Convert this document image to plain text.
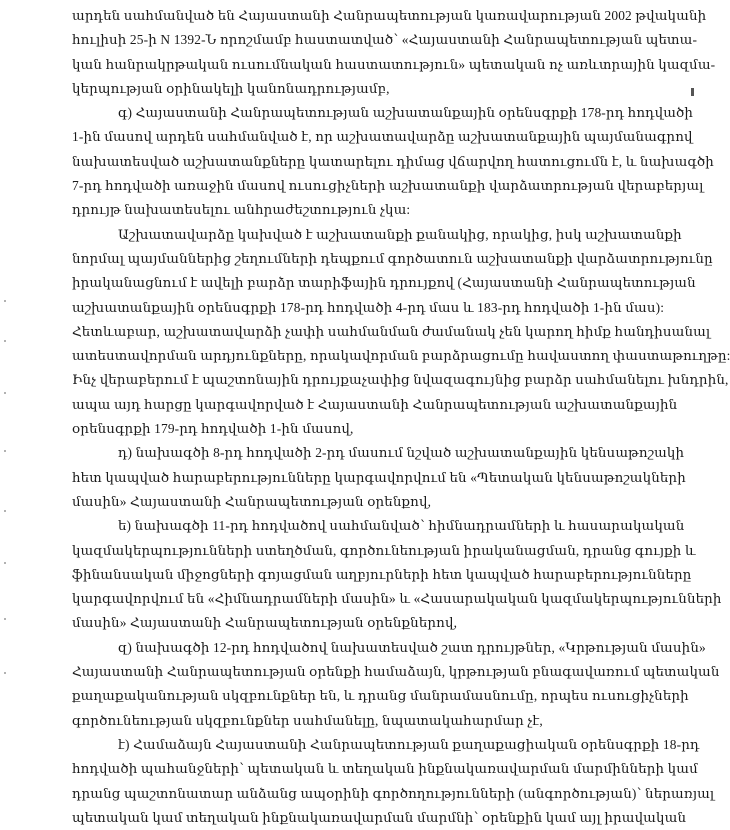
արդեն սահմանված են Հայաստանի Հանրապետության կառավարության 2002 թվականի
հուլիսի 25-ի N 1392-Ն որոշմամբ հաստատված՝ «Հայաստանի Հանրապետության պետա-
կան հանրակրթական ուսումնական հաստատություն» պետական ոչ առևտրային կազմա-
կերպության օրինակելի կանոնադրությամբ,
գ) Հայաստանի Հանրապետության աշխատանքային օրենսգրքի 178-րդ հոդվածի
1-ին մասով արդեն սահմանված է, որ աշխատավարձը աշխատանքային պայմանագրով
նախատեսված աշխատանքները կատարելու դիմաց վճարվող հատուցումն է, և նախագծի
7-րդ հոդվածի առաջին մասով ուսուցիչների աշխատանքի վարձատրության վերաբերյալ
դրույթ նախատեսելու անհրաժեշտություն չկա:
Աշխատավարձը կախված է աշխատանքի քանակից, որակից, իսկ աշխատանքի
նորմալ պայմաններից շեղումների դեպքում գործատուն աշխատանքի վարձատրությունը
իրականացնում է ավելի բարձր տարիֆային դրույքով (Հայաստանի Հանրապետության
աշխատանքային օրենսգրքի 178-րդ հոդվածի 4-րդ մաս և 183-րդ հոդվածի 1-ին մաս):
Հետևաբար, աշխատավարձի չափի սահմանման ժամանակ չեն կարող հիմք հանդիսանալ
ատեստավորման արդյունքները, որակավորման բարձրացումը հավաստող փաստաթուղթը:
Ինչ վերաբերում է պաշտոնային դրույքաչափից նվազագույնից բարձր սահմանելու խնդրին,
ապա այդ հարցը կարգավորված է Հայաստանի Հանրապետության աշխատանքային
օրենսգրքի 179-րդ հոդվածի 1-ին մասով,
դ) նախագծի 8-րդ հոդվածի 2-րդ մասում նշված աշխատանքային կենսաթոշակի
հետ կապված հարաբերությունները կարգավորվում են «Պետական կենսաթոշակների
մասին» Հայաստանի Հանրապետության օրենքով,
ե) նախագծի 11-րդ հոդվածով սահմանված՝ հիմնադրամների և հասարակական
կազմակերպությունների ստեղծման, գործունեության իրականացման, դրանց գույքի և
ֆինանսական միջոցների գոյացման աղբյուրների հետ կապված հարաբերությունները
կարգավորվում են «Հիմնադրամների մասին» և «Հասարակական կազմակերպությունների
մասին» Հայաստանի Հանրապետության օրենքներով,
զ) նախագծի 12-րդ հոդվածով նախատեսված շատ դրույթներ, «Կրթության մասին»
Հայաստանի Հանրապետության օրենքի համաձայն, կրթության բնագավառում պետական
քաղաքականության սկզբունքներ են, և դրանց մանրամասնումը, որպես ուսուցիչների
գործունեության սկզբունքներ սահմանելը, նպատակահարմար չէ,
է) Համաձայն Հայաստանի Հանրապետության քաղաքացիական օրենսգրքի 18-րդ
հոդվածի պահանջների՝ պետական և տեղական ինքնակառավարման մարմինների կամ
դրանց պաշտոնատար անձանց ապօրինի գործողությունների (անգործության)՝ ներառյալ
պետական կամ տեղական ինքնակառավարման մարմնի՝ օրենքին կամ այլ իրավական
